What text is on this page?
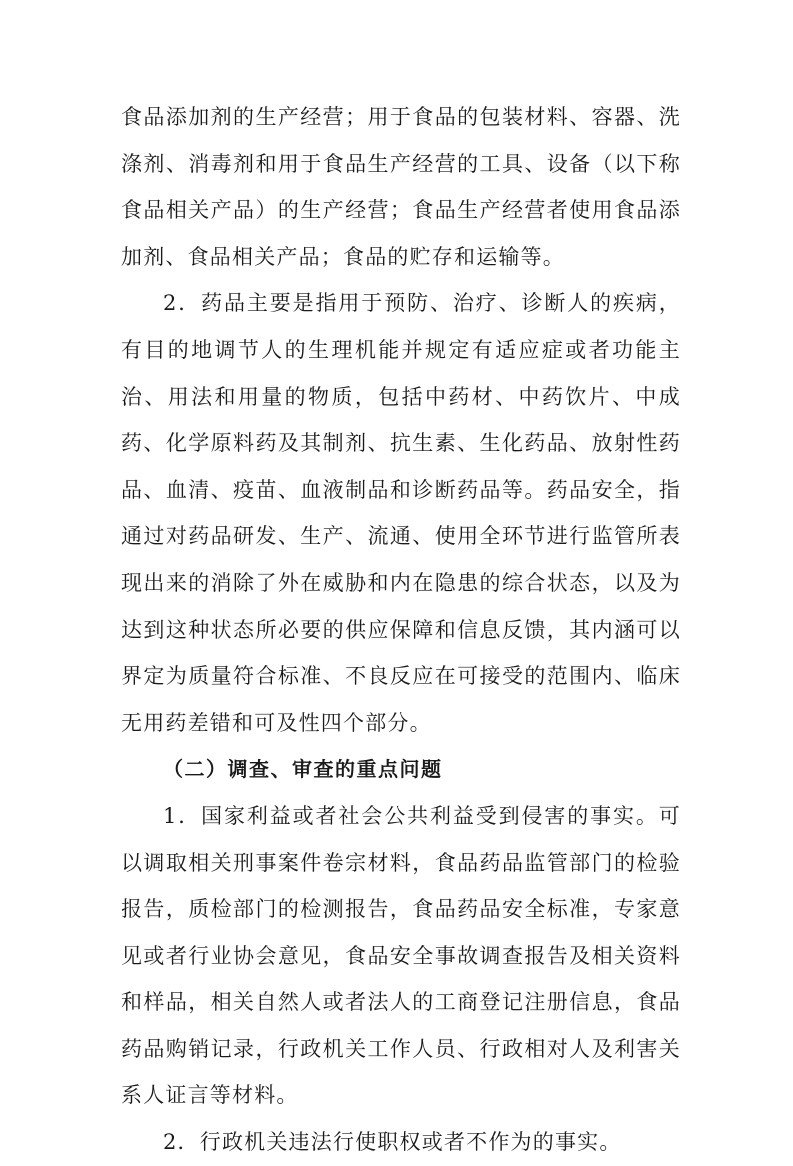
食品添加剂的生产经营；用于食品的包装材料、容器、洗涤剂、消毒剂和用于食品生产经营的工具、设备（以下称食品相关产品）的生产经营；食品生产经营者使用食品添加剂、食品相关产品；食品的贮存和运输等。

2．药品主要是指用于预防、治疗、诊断人的疾病，有目的地调节人的生理机能并规定有适应症或者功能主治、用法和用量的物质，包括中药材、中药饮片、中成药、化学原料药及其制剂、抗生素、生化药品、放射性药品、血清、疫苗、血液制品和诊断药品等。药品安全，指通过对药品研发、生产、流通、使用全环节进行监管所表现出来的消除了外在威胁和内在隐患的综合状态，以及为达到这种状态所必要的供应保障和信息反馈，其内涵可以界定为质量符合标准、不良反应在可接受的范围内、临床无用药差错和可及性四个部分。

（二）调查、审查的重点问题

1．国家利益或者社会公共利益受到侵害的事实。可以调取相关刑事案件卷宗材料，食品药品监管部门的检验报告，质检部门的检测报告，食品药品安全标准，专家意见或者行业协会意见，食品安全事故调查报告及相关资料和样品，相关自然人或者法人的工商登记注册信息，食品药品购销记录，行政机关工作人员、行政相对人及利害关系人证言等材料。

2．行政机关违法行使职权或者不作为的事实。
